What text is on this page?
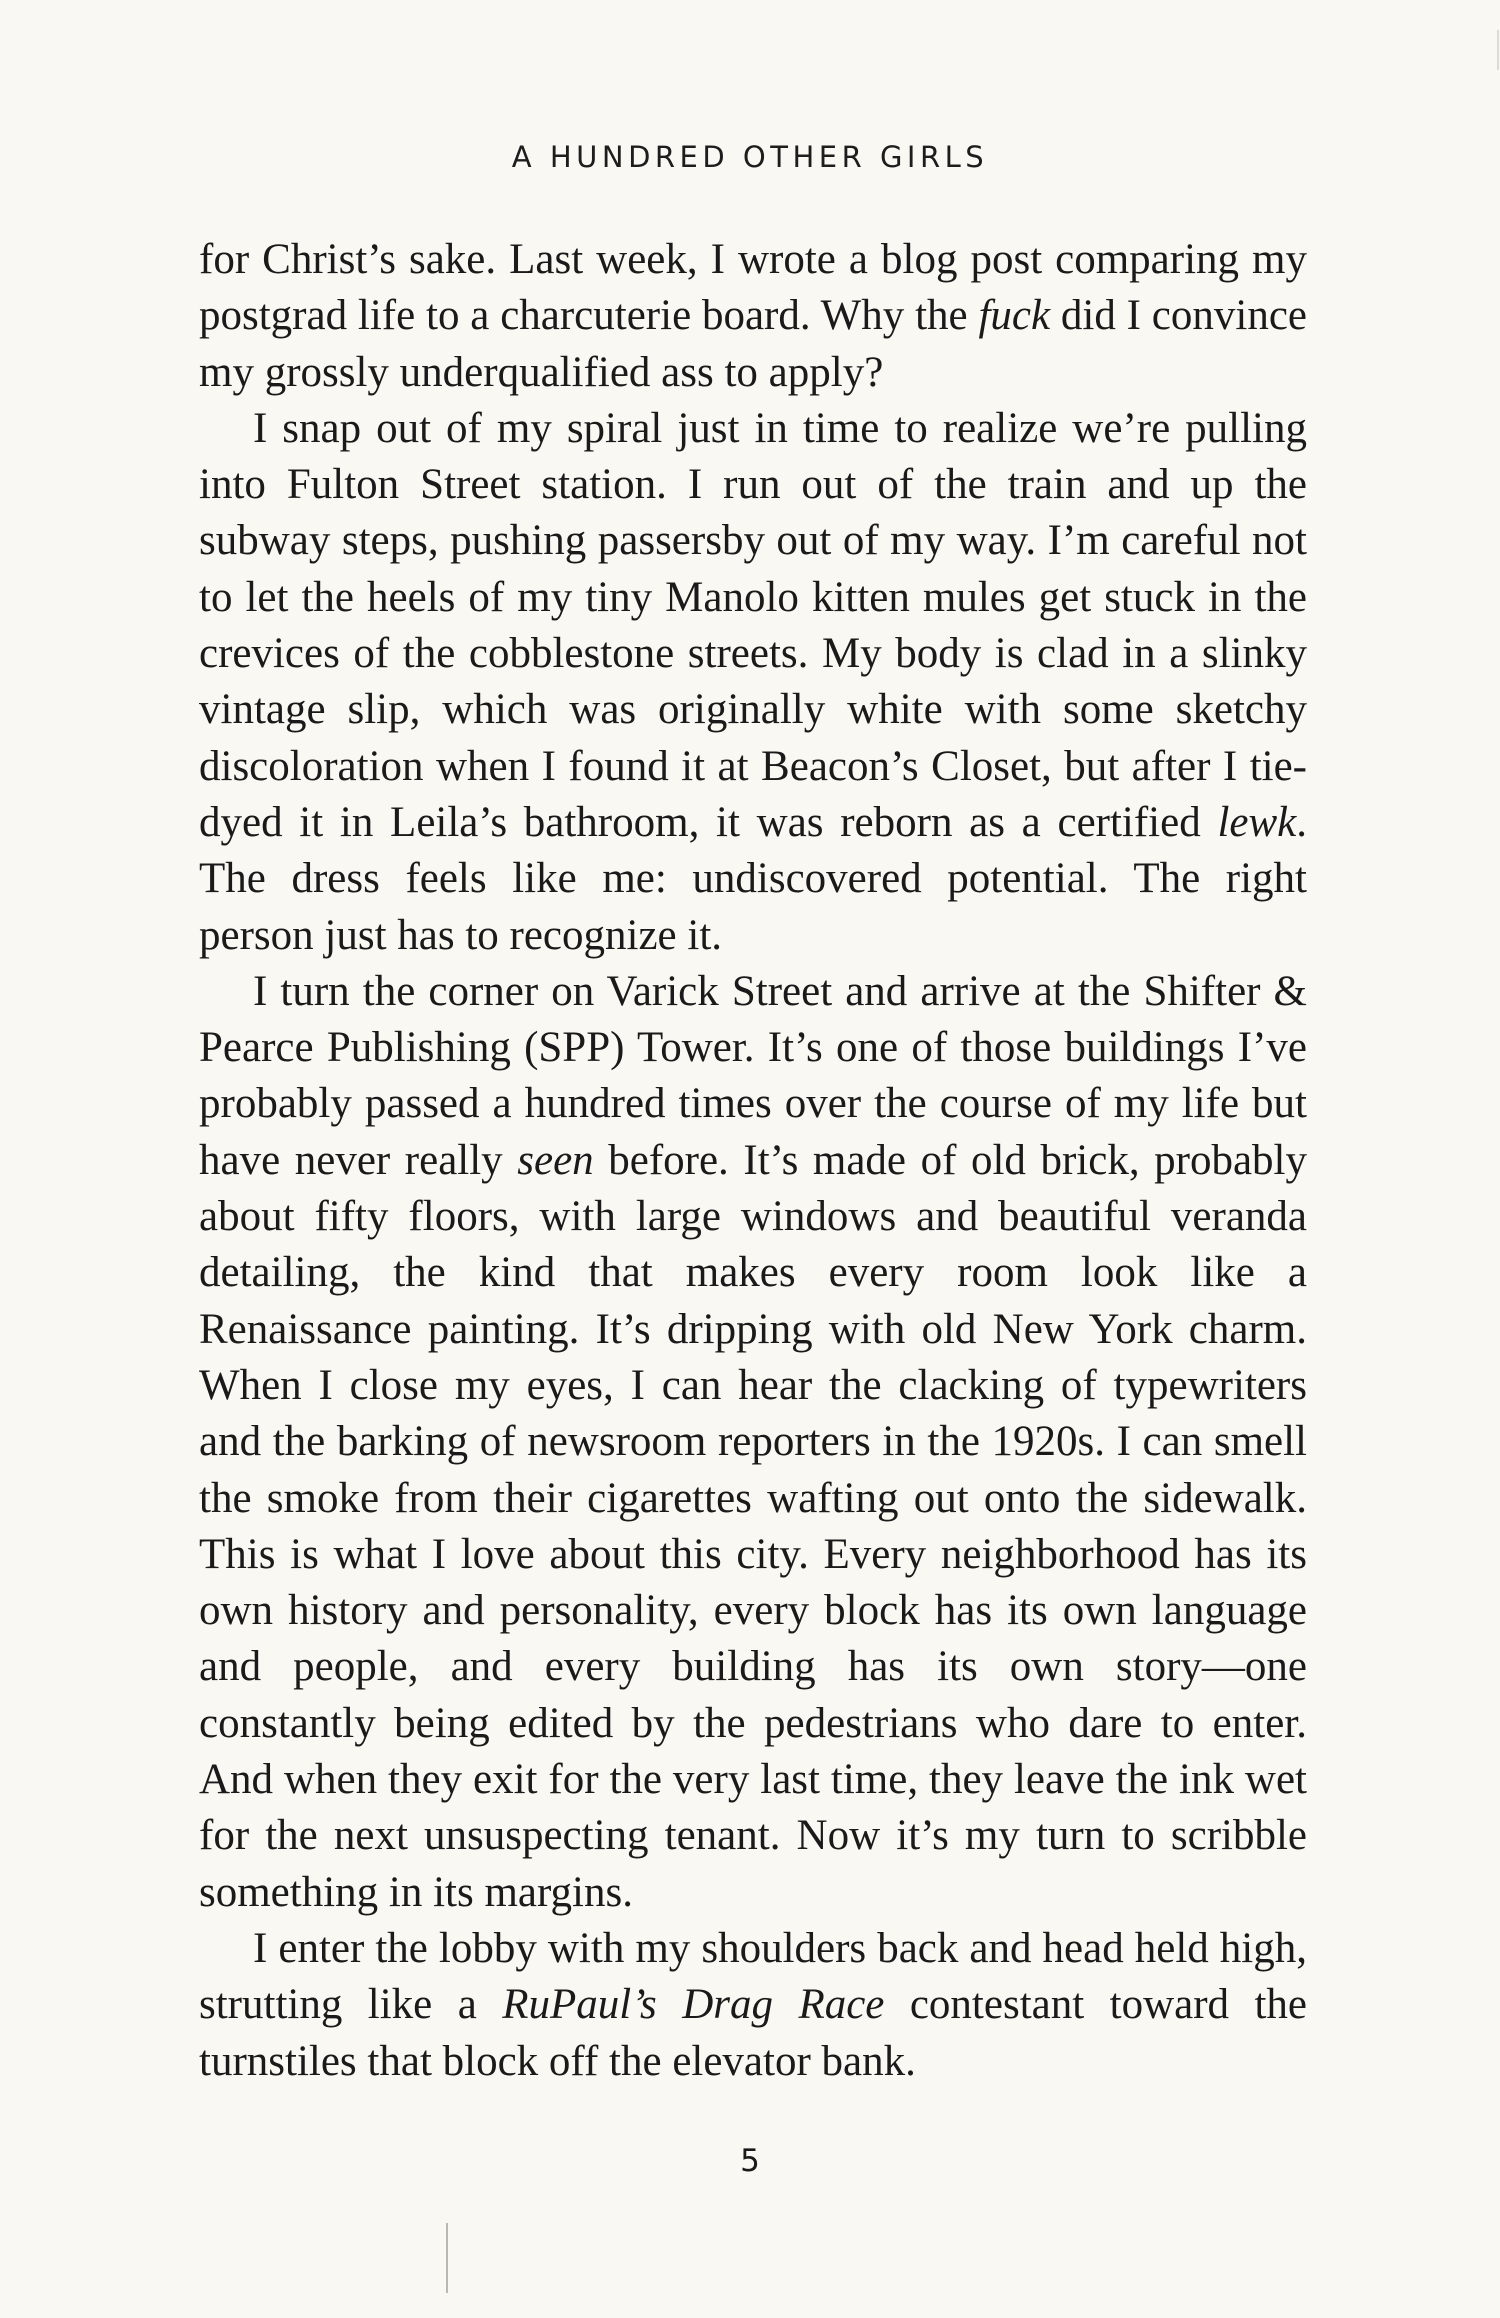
A HUNDRED OTHER GIRLS

for Christ’s sake. Last week, I wrote a blog post comparing my postgrad life to a charcuterie board. Why the fuck did I convince my grossly underqualified ass to apply?

I snap out of my spiral just in time to realize we’re pulling into Fulton Street station. I run out of the train and up the subway steps, pushing passersby out of my way. I’m careful not to let the heels of my tiny Manolo kitten mules get stuck in the crevices of the cobblestone streets. My body is clad in a slinky vintage slip, which was originally white with some sketchy discoloration when I found it at Beacon’s Closet, but after I tie-dyed it in Leila’s bathroom, it was reborn as a certified lewk. The dress feels like me: undiscovered potential. The right person just has to recognize it.

I turn the corner on Varick Street and arrive at the Shifter & Pearce Publishing (SPP) Tower. It’s one of those buildings I’ve probably passed a hundred times over the course of my life but have never really seen before. It’s made of old brick, probably about fifty floors, with large windows and beautiful veranda detailing, the kind that makes every room look like a Renaissance painting. It’s dripping with old New York charm. When I close my eyes, I can hear the clacking of typewriters and the barking of newsroom reporters in the 1920s. I can smell the smoke from their cigarettes wafting out onto the sidewalk. This is what I love about this city. Every neighborhood has its own history and personality, every block has its own language and people, and every building has its own story—one constantly being edited by the pedestrians who dare to enter. And when they exit for the very last time, they leave the ink wet for the next unsuspecting tenant. Now it’s my turn to scribble something in its margins.

I enter the lobby with my shoulders back and head held high, strutting like a RuPaul’s Drag Race contestant toward the turnstiles that block off the elevator bank.

5
